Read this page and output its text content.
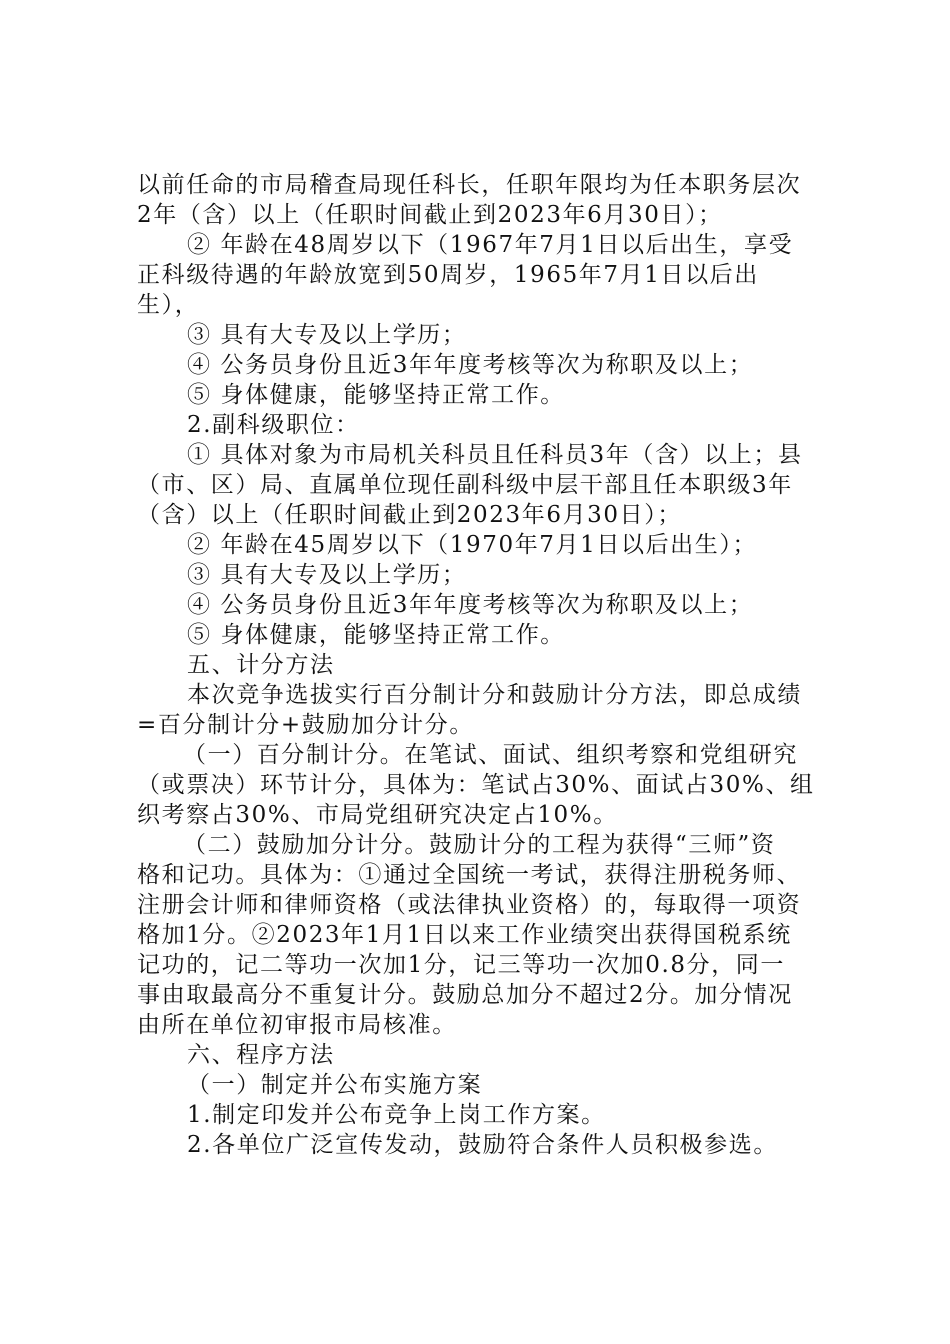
以前任命的市局稽查局现任科长，任职年限均为任本职务层次
2年（含）以上（任职时间截止到2023年6月30日）；
② 年龄在48周岁以下（1967年7月1日以后出生，享受
正科级待遇的年龄放宽到50周岁，1965年7月1日以后出
生），
③ 具有大专及以上学历；
④ 公务员身份且近3年年度考核等次为称职及以上；
⑤ 身体健康，能够坚持正常工作。
2.副科级职位：
① 具体对象为市局机关科员且任科员3年（含）以上；县
（市、区）局、直属单位现任副科级中层干部且任本职级3年
（含）以上（任职时间截止到2023年6月30日）；
② 年龄在45周岁以下（1970年7月1日以后出生）；
③ 具有大专及以上学历；
④ 公务员身份且近3年年度考核等次为称职及以上；
⑤ 身体健康，能够坚持正常工作。
五、计分方法
本次竞争选拔实行百分制计分和鼓励计分方法，即总成绩
=百分制计分+鼓励加分计分。
（一）百分制计分。在笔试、面试、组织考察和党组研究
（或票决）环节计分，具体为：笔试占30%、面试占30%、组
织考察占30%、市局党组研究决定占10%。
（二）鼓励加分计分。鼓励计分的工程为获得“三师”资
格和记功。具体为：①通过全国统一考试，获得注册税务师、
注册会计师和律师资格（或法律执业资格）的，每取得一项资
格加1分。②2023年1月1日以来工作业绩突出获得国税系统
记功的，记二等功一次加1分，记三等功一次加0.8分，同一
事由取最高分不重复计分。鼓励总加分不超过2分。加分情况
由所在单位初审报市局核准。
六、程序方法
（一）制定并公布实施方案
1.制定印发并公布竞争上岗工作方案。
2.各单位广泛宣传发动，鼓励符合条件人员积极参选。
